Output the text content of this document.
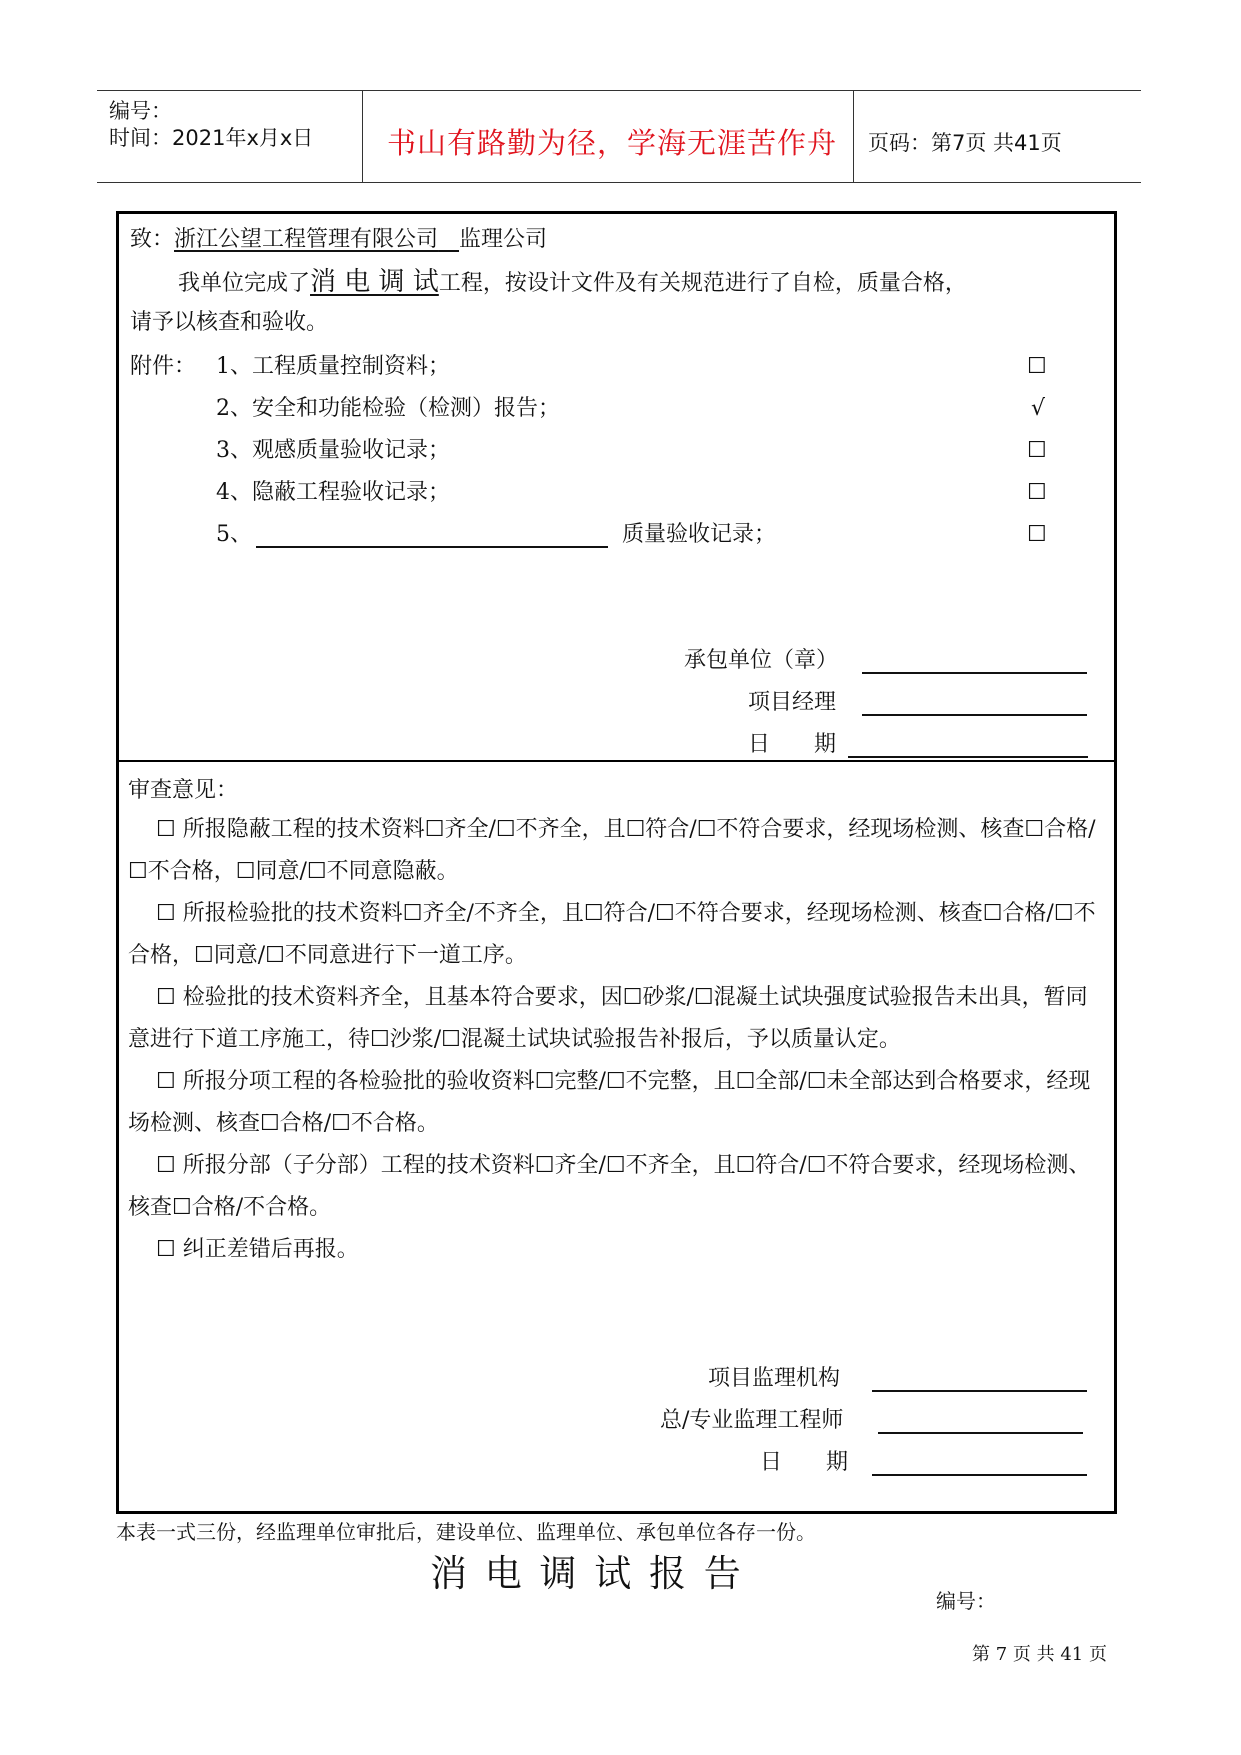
编号：
时间：2021年x月x日	书山有路勤为径，学海无涯苦作舟 页码：第7页 共41页
致：浙江公望工程管理有限公司 监理公司
我单位完成了消 电 调 试工程，按设计文件及有关规范进行了自检，质量合格，
请予以核查和验收。
附件： 1、工程质量控制资料；	☐
2、安全和功能检验（检测）报告；	√
3、观感质量验收记录；	☐
4、隐蔽工程验收记录；	☐
5、	质量验收记录；	☐
承包单位（章）
项目经理
日　　期
审查意见：
☐ 所报隐蔽工程的技术资料☐齐全/☐不齐全，且☐符合/☐不符合要求，经现场检测、核查☐合格/☐不合格，☐同意/☐不同意隐蔽。
☐ 所报检验批的技术资料☐齐全/不齐全，且☐符合/☐不符合要求，经现场检测、核查☐合格/☐不合格，☐同意/☐不同意进行下一道工序。
☐ 检验批的技术资料齐全，且基本符合要求，因☐砂浆/☐混凝土试块强度试验报告未出具，暂同意进行下道工序施工，待☐沙浆/☐混凝土试块试验报告补报后，予以质量认定。
☐ 所报分项工程的各检验批的验收资料☐完整/☐不完整，且☐全部/☐未全部达到合格要求，经现场检测、核查☐合格/☐不合格。
☐ 所报分部（子分部）工程的技术资料☐齐全/☐不齐全，且☐符合/☐不符合要求，经现场检测、核查☐合格/不合格。
☐ 纠正差错后再报。
项目监理机构
总/专业监理工程师
日　　期
本表一式三份，经监理单位审批后，建设单位、监理单位、承包单位各存一份。
消 电 调 试 报 告
编号：
第 7 页 共 41 页
